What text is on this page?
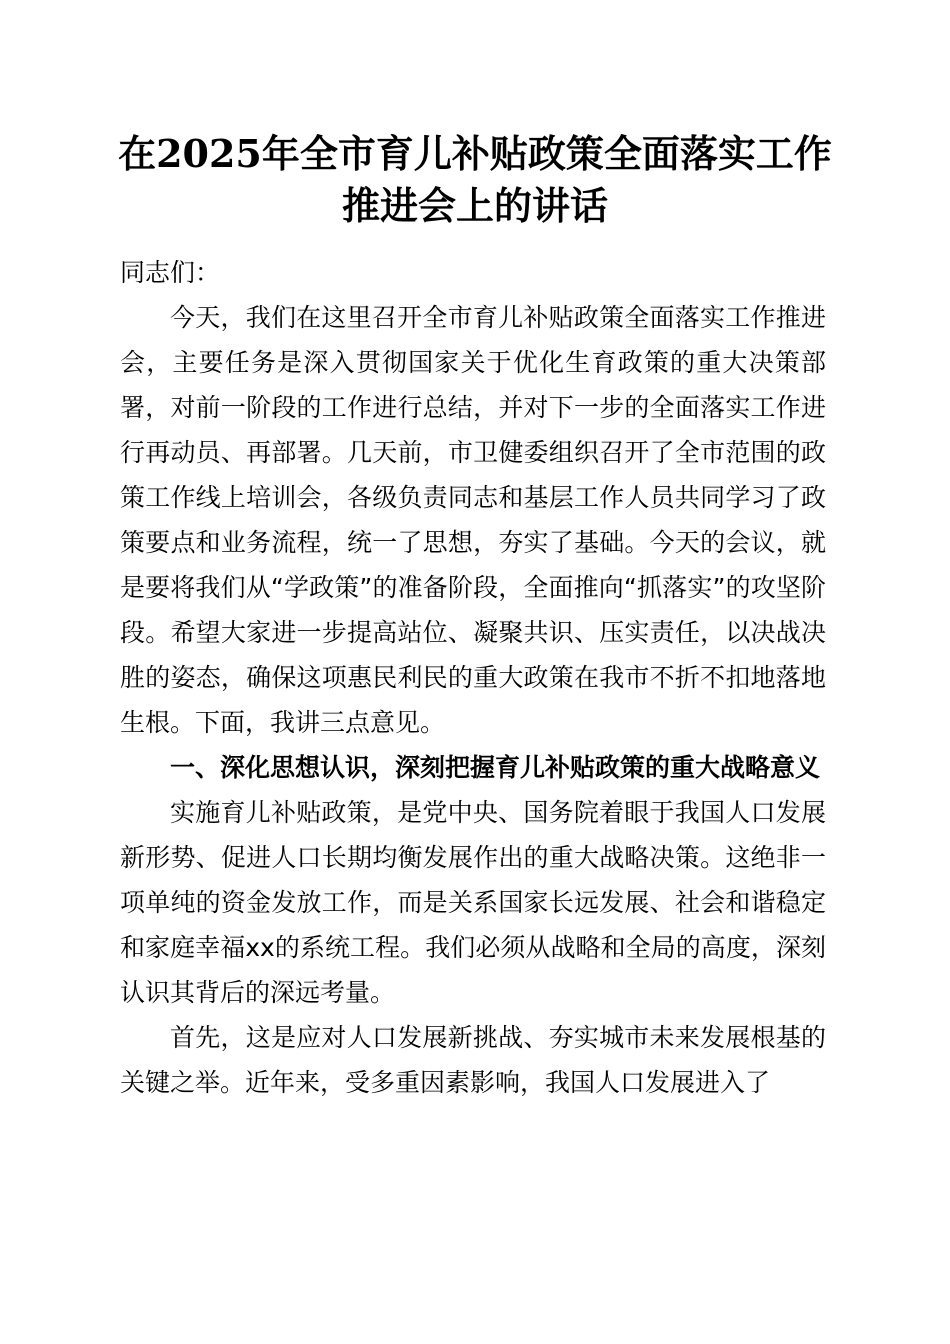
在2025年全市育儿补贴政策全面落实工作推进会上的讲话

同志们：

今天，我们在这里召开全市育儿补贴政策全面落实工作推进会，主要任务是深入贯彻国家关于优化生育政策的重大决策部署，对前一阶段的工作进行总结，并对下一步的全面落实工作进行再动员、再部署。几天前，市卫健委组织召开了全市范围的政策工作线上培训会，各级负责同志和基层工作人员共同学习了政策要点和业务流程，统一了思想，夯实了基础。今天的会议，就是要将我们从“学政策”的准备阶段，全面推向“抓落实”的攻坚阶段。希望大家进一步提高站位、凝聚共识、压实责任，以决战决胜的姿态，确保这项惠民利民的重大政策在我市不折不扣地落地生根。下面，我讲三点意见。

一、深化思想认识，深刻把握育儿补贴政策的重大战略意义

实施育儿补贴政策，是党中央、国务院着眼于我国人口发展新形势、促进人口长期均衡发展作出的重大战略决策。这绝非一项单纯的资金发放工作，而是关系国家长远发展、社会和谐稳定和家庭幸福xx的系统工程。我们必须从战略和全局的高度，深刻认识其背后的深远考量。

首先，这是应对人口发展新挑战、夯实城市未来发展根基的关键之举。近年来，受多重因素影响，我国人口发展进入了
